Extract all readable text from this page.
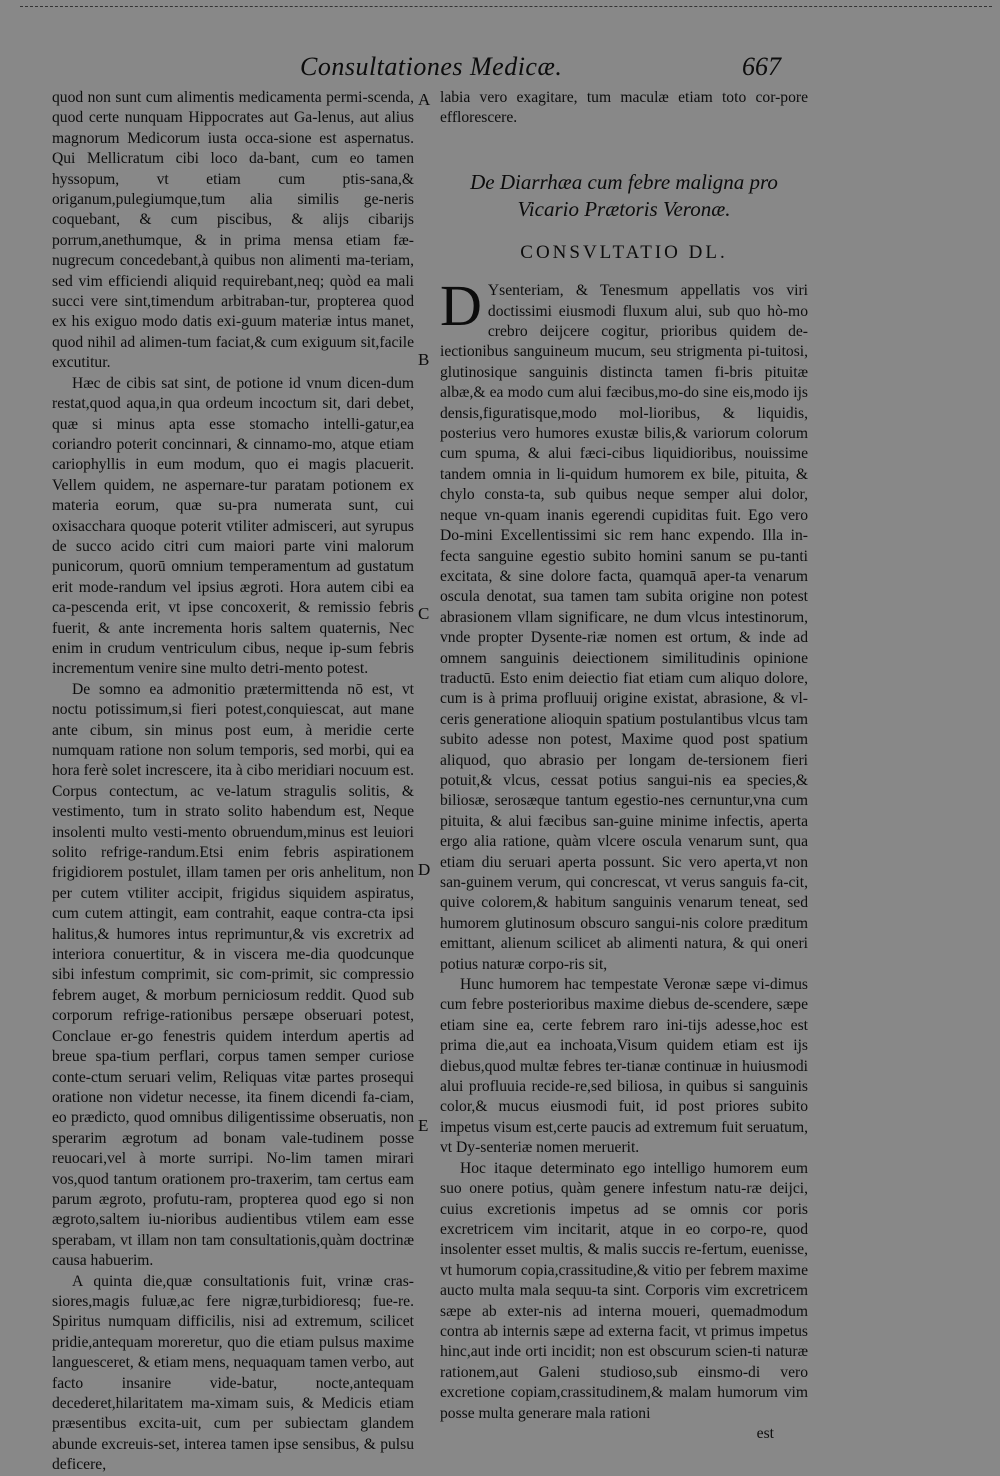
Consultationes Medicæ.	667

quod non sunt cum alimentis medicamenta permi-scenda, quod certe nunquam Hippocrates aut Ga-lenus, aut alius magnorum Medicorum iusta occa-sione est aspernatus. Qui Mellicratum cibi loco da-bant, cum eo tamen hyssopum, vt etiam cum ptis-sana,& origanum,pulegiumque,tum alia similis ge-neris coquebant, & cum piscibus, & alijs cibarijs porrum,anethumque, & in prima mensa etiam fæ-nugrecum concedebant,à quibus non alimenti ma-teriam, sed vim efficiendi aliquid requirebant,neq; quòd ea mali succi vere sint,timendum arbitraban-tur, propterea quod ex his exiguo modo datis exi-guum materiæ intus manet, quod nihil ad alimen-tum faciat,& cum exiguum sit,facile excutitur.

Hæc de cibis sat sint, de potione id vnum dicen-dum restat,quod aqua,in qua ordeum incoctum sit, dari debet, quæ si minus apta esse stomacho intelli-gatur,ea coriandro poterit concinnari, & cinnamo-mo, atque etiam cariophyllis in eum modum, quo ei magis placuerit. Vellem quidem, ne aspernare-tur paratam potionem ex materia eorum, quæ su-pra numerata sunt, cui oxisacchara quoque poterit vtiliter admisceri, aut syrupus de succo acido citri cum maiori parte vini malorum punicorum, quorū omnium temperamentum ad gustatum erit mode-randum vel ipsius ægroti. Hora autem cibi ea ca-pescenda erit, vt ipse concoxerit, & remissio febris fuerit, & ante incrementa horis saltem quaternis, Nec enim in crudum ventriculum cibus, neque ip-sum febris incrementum venire sine multo detri-mento potest.

De somno ea admonitio prætermittenda nō est, vt noctu potissimum,si fieri potest,conquiescat, aut mane ante cibum, sin minus post eum, à meridie certe numquam ratione non solum temporis, sed morbi, qui ea hora ferè solet increscere, ita à cibo meridiari nocuum est. Corpus contectum, ac ve-latum stragulis solitis, & vestimento, tum in strato solito habendum est, Neque insolenti multo vesti-mento obruendum,minus est leuiori solito refrige-randum.Etsi enim febris aspirationem frigidiorem postulet, illam tamen per oris anhelitum, non per cutem vtiliter accipit, frigidus siquidem aspiratus, cum cutem attingit, eam contrahit, eaque contra-cta ipsi halitus,& humores intus reprimuntur,& vis excretrix ad interiora conuertitur, & in viscera me-dia quodcunque sibi infestum comprimit, sic com-primit, sic compressio febrem auget, & morbum perniciosum reddit. Quod sub corporum refrige-rationibus persæpe obseruari potest, Conclaue er-go fenestris quidem interdum apertis ad breue spa-tium perflari, corpus tamen semper curiose conte-ctum seruari velim, Reliquas vitæ partes prosequi oratione non videtur necesse, ita finem dicendi fa-ciam, eo prædicto, quod omnibus diligentissime obseruatis, non sperarim ægrotum ad bonam vale-tudinem posse reuocari,vel à morte surripi. No-lim tamen mirari vos,quod tantum orationem pro-traxerim, tam certus eam parum ægroto, profutu-ram, propterea quod ego si non ægroto,saltem iu-nioribus audientibus vtilem eam esse sperabam, vt illam non tam consultationis,quàm doctrinæ causa habuerim.

A quinta die,quæ consultationis fuit, vrinæ cras-siores,magis fuluæ,ac fere nigræ,turbidioresq; fue-re. Spiritus numquam difficilis, nisi ad extremum, scilicet pridie,antequam moreretur, quo die etiam pulsus maxime languesceret, & etiam mens, nequaquam tamen verbo, aut facto insanire vide-batur, nocte,antequam decederet,hilaritatem ma-ximam suis, & Medicis etiam præsentibus excita-uit, cum per subiectam glandem abunde excreuis-set, interea tamen ipse sensibus, & pulsu deficere,

A
B
C
D
E

labia vero exagitare, tum maculæ etiam toto cor-pore efflorescere.

De Diarrhæa cum febre maligna pro Vicario Prætoris Veronæ.
CONSVLTATIO DL.

D Ysenteriam, & Tenesmum appellatis vos viri doctissimi eiusmodi fluxum alui, sub quo hò-mo crebro deijcere cogitur, prioribus quidem de-iectionibus sanguineum mucum, seu strigmenta pi-tuitosi, glutinosique sanguinis distincta tamen fi-bris pituitæ albæ,& ea modo cum alui fæcibus,mo-do sine eis,modo ijs densis,figuratisque,modo mol-lioribus, & liquidis, posterius vero humores exustæ bilis,& variorum colorum cum spuma, & alui fæci-cibus liquidioribus, nouissime tandem omnia in li-quidum humorem ex bile, pituita, & chylo consta-ta, sub quibus neque semper alui dolor, neque vn-quam inanis egerendi cupiditas fuit. Ego vero Do-mini Excellentissimi sic rem hanc expendo. Illa in-fecta sanguine egestio subito homini sanum se pu-tanti excitata, & sine dolore facta, quamquā aper-ta venarum oscula denotat, sua tamen tam subita origine non potest abrasionem vllam significare, ne dum vlcus intestinorum, vnde propter Dysente-riæ nomen est ortum, & inde ad omnem sanguinis deiectionem similitudinis opinione traductū. Esto enim deiectio fiat etiam cum aliquo dolore, cum is à prima profluuij origine existat, abrasione, & vl-ceris generatione alioquin spatium postulantibus vlcus tam subito adesse non potest, Maxime quod post spatium aliquod, quo abrasio per longam de-tersionem fieri potuit,& vlcus, cessat potius sangui-nis ea species,& biliosæ, serosæque tantum egestio-nes cernuntur,vna cum pituita, & alui fæcibus san-guine minime infectis, aperta ergo alia ratione, quàm vlcere oscula venarum sunt, qua etiam diu seruari aperta possunt. Sic vero aperta,vt non san-guinem verum, qui concrescat, vt verus sanguis fa-cit, quive colorem,& habitum sanguinis venarum teneat, sed humorem glutinosum obscuro sangui-nis colore præditum emittant, alienum scilicet ab alimenti natura, & qui oneri potius naturæ corpo-ris sit,

Hunc humorem hac tempestate Veronæ sæpe vi-dimus cum febre posterioribus maxime diebus de-scendere, sæpe etiam sine ea, certe febrem raro ini-tijs adesse,hoc est prima die,aut ea inchoata,Visum quidem etiam est ijs diebus,quod multæ febres ter-tianæ continuæ in huiusmodi alui profluuia recide-re,sed biliosa, in quibus si sanguinis color,& mucus eiusmodi fuit, id post priores subito impetus visum est,certe paucis ad extremum fuit seruatum, vt Dy-senteriæ nomen meruerit.

Hoc itaque determinato ego intelligo humorem eum suo onere potius, quàm genere infestum natu-ræ deijci, cuius excretionis impetus ad se omnis cor poris excretricem vim incitarit, atque in eo corpo-re, quod insolenter esset multis, & malis succis re-fertum, euenisse, vt humorum copia,crassitudine,& vitio per febrem maxime aucto multa mala sequu-ta sint. Corporis vim excretricem sæpe ab exter-nis ad interna moueri, quemadmodum contra ab internis sæpe ad externa facit, vt primus impetus hinc,aut inde orti incidit; non est obscurum scien-ti naturæ rationem,aut Galeni studioso,sub einsmo-di vero excretione copiam,crassitudinem,& malam humorum vim posse multa generare mala rationi

est
